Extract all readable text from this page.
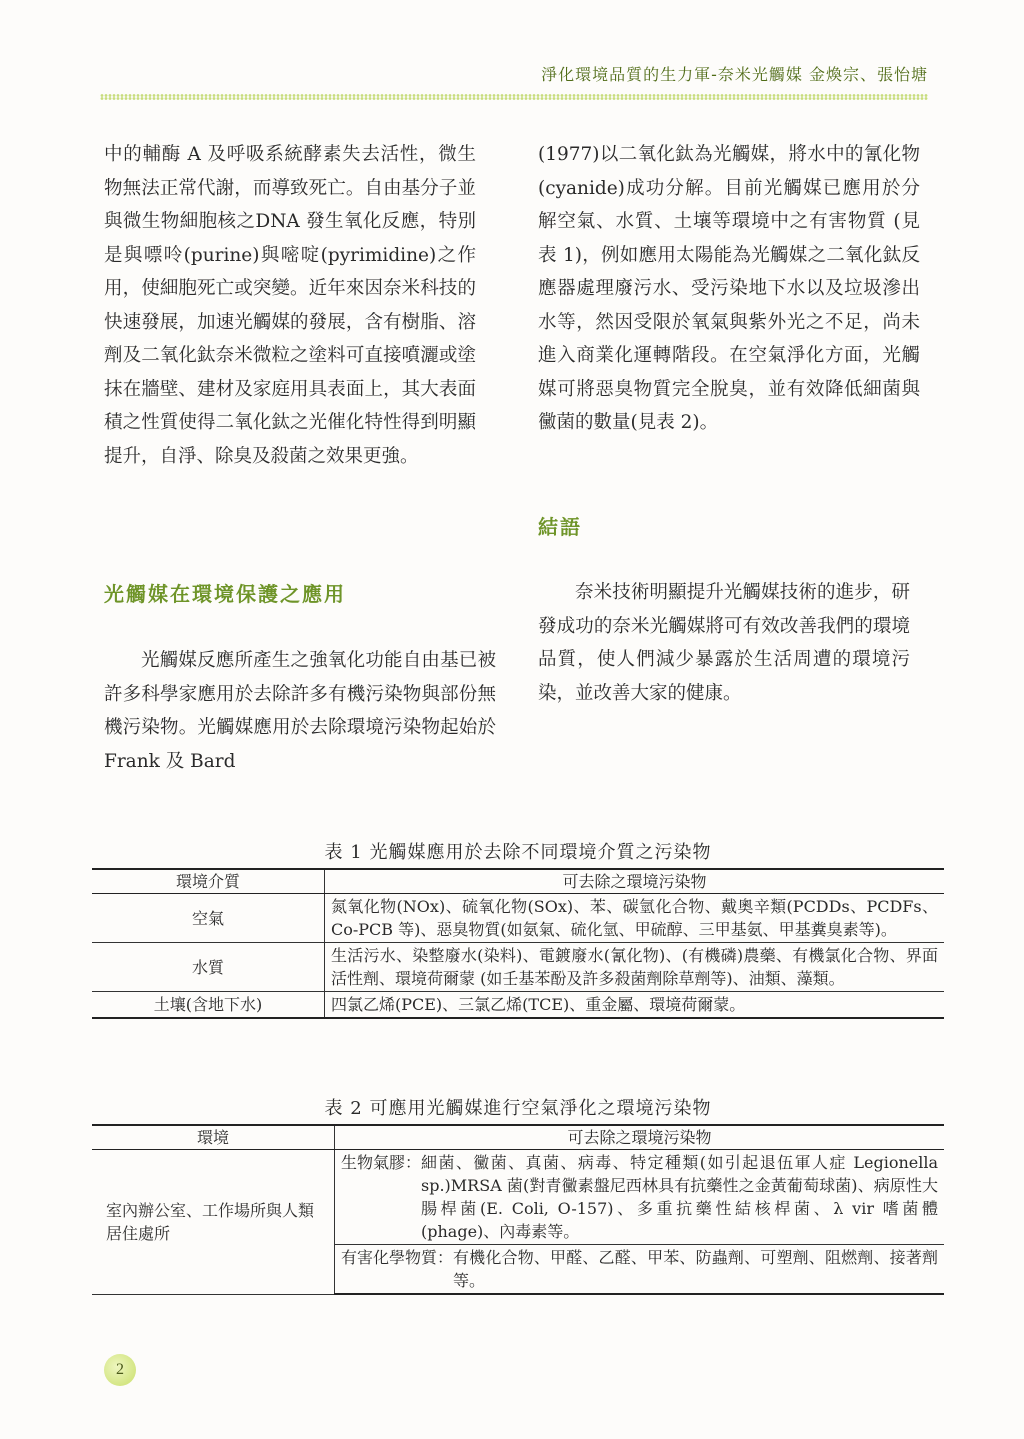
淨化環境品質的生力軍-奈米光觸媒 金煥宗、張怡塘

中的輔酶 A 及呼吸系統酵素失去活性，微生物無法正常代謝，而導致死亡。自由基分子並與微生物細胞核之DNA 發生氧化反應，特別是與嘌呤(purine)與嘧啶(pyrimidine)之作用，使細胞死亡或突變。近年來因奈米科技的快速發展，加速光觸媒的發展，含有樹脂、溶劑及二氧化鈦奈米微粒之塗料可直接噴灑或塗抹在牆壁、建材及家庭用具表面上，其大表面積之性質使得二氧化鈦之光催化特性得到明顯提升，自淨、除臭及殺菌之效果更強。

光觸媒在環境保護之應用

光觸媒反應所產生之強氧化功能自由基已被許多科學家應用於去除許多有機污染物與部份無機污染物。光觸媒應用於去除環境污染物起始於 Frank 及 Bard

(1977)以二氧化鈦為光觸媒，將水中的氰化物(cyanide)成功分解。目前光觸媒已應用於分解空氣、水質、土壤等環境中之有害物質 (見表 1)，例如應用太陽能為光觸媒之二氧化鈦反應器處理廢污水、受污染地下水以及垃圾滲出水等，然因受限於氧氣與紫外光之不足，尚未進入商業化運轉階段。在空氣淨化方面，光觸媒可將惡臭物質完全脫臭，並有效降低細菌與黴菌的數量(見表 2)。

結語

奈米技術明顯提升光觸媒技術的進步，研發成功的奈米光觸媒將可有效改善我們的環境品質，使人們減少暴露於生活周遭的環境污染，並改善大家的健康。

表 1 光觸媒應用於去除不同環境介質之污染物
環境介質	可去除之環境污染物
空氣	氮氧化物(NOx)、硫氧化物(SOx)、苯、碳氫化合物、戴奧辛類(PCDDs、PCDFs、Co-PCB 等)、惡臭物質(如氨氣、硫化氫、甲硫醇、三甲基氨、甲基糞臭素等)。
水質	生活污水、染整廢水(染料)、電鍍廢水(氰化物)、(有機磷)農藥、有機氯化合物、界面活性劑、環境荷爾蒙 (如壬基苯酚及許多殺菌劑除草劑等)、油類、藻類。
土壤(含地下水)	四氯乙烯(PCE)、三氯乙烯(TCE)、重金屬、環境荷爾蒙。
表 2 可應用光觸媒進行空氣淨化之環境污染物
環境	可去除之環境污染物
室內辦公室、工作場所與人類居住處所	生物氣膠： 細菌、黴菌、真菌、病毒、特定種類(如引起退伍軍人症 Legionella sp.)MRSA 菌(對青黴素盤尼西林具有抗藥性之金黃葡萄球菌)、病原性大腸桿菌(E. Coli, O-157)、多重抗藥性結核桿菌、λ vir 嗜菌體 (phage)、內毒素等。

	有害化學物質： 有機化合物、甲醛、乙醛、甲苯、防蟲劑、可塑劑、阻燃劑、接著劑等。
2
